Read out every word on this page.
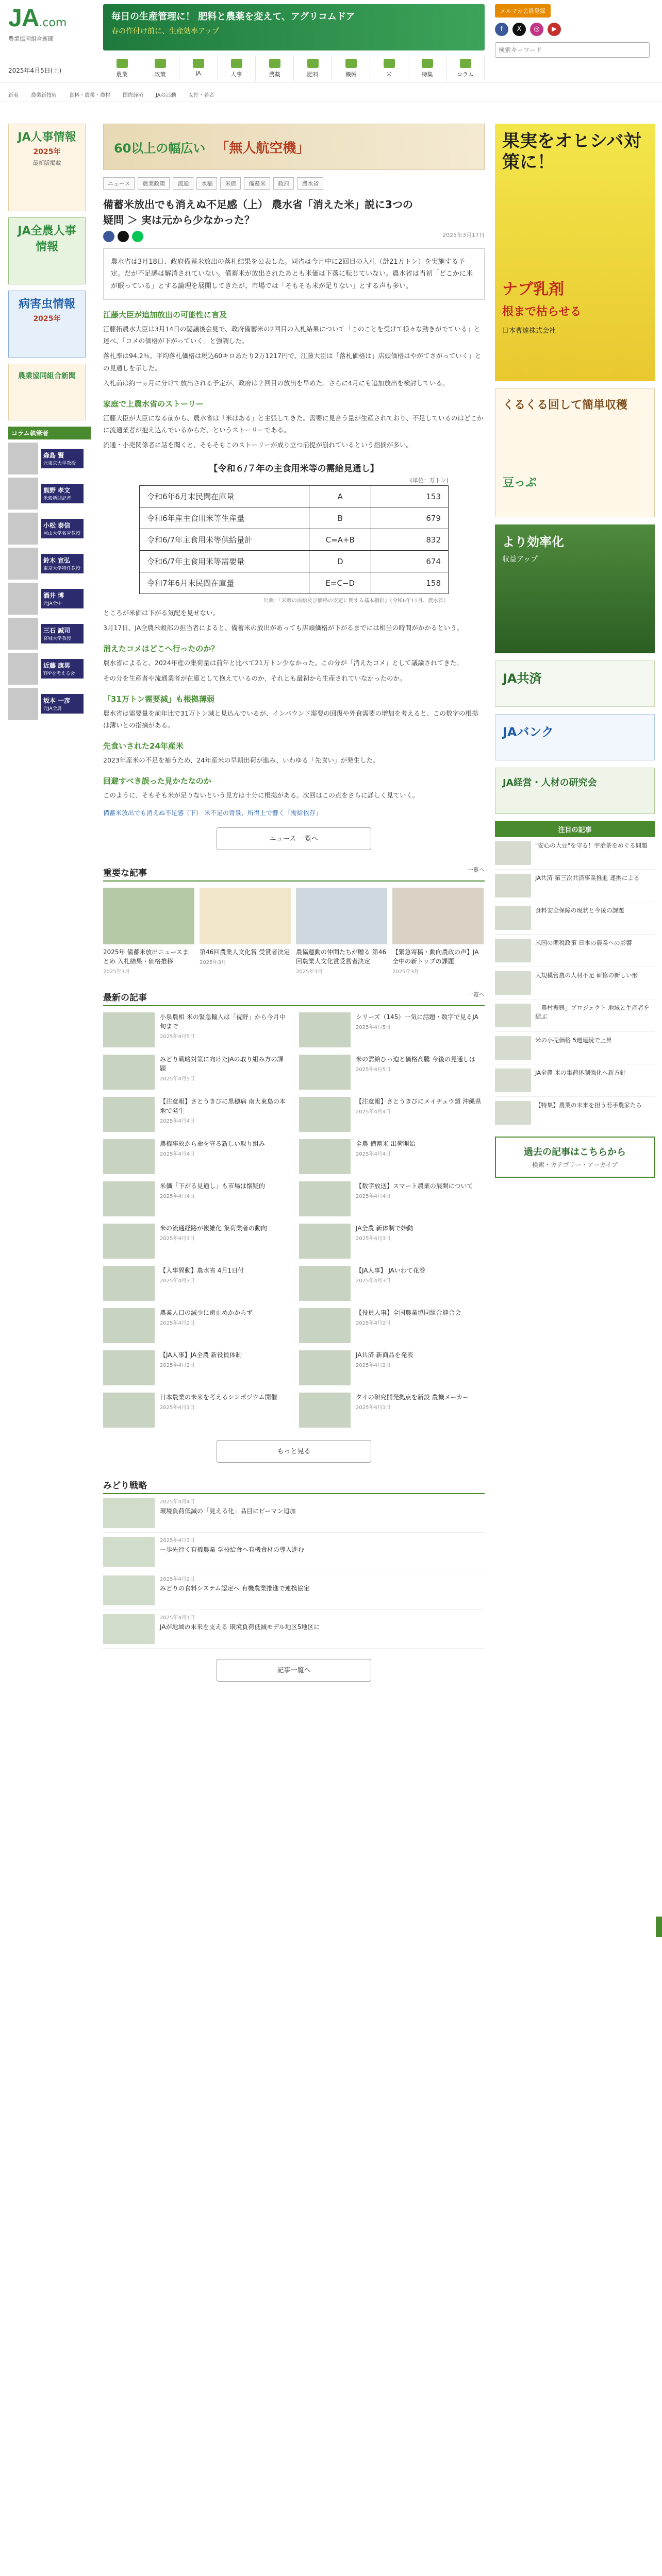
JA.com
農業協同組合新聞
2025年4月5日(土)
毎日の生産管理に！ 肥料と農薬を変えて、アグリコムドア
春の作付け前に、生産効率アップ
農業	政策	JA	人事	農薬	肥料	機械	米	特集	コラム
メルマガ会員登録
f	X	◎	▶
検索キーワード
新着 農業新技術 食料・農業・農村 国際経済 JAの活動 女性・若者
JA人事情報
2025年
最新版掲載
JA全農人事情報
病害虫情報
2025年
農業協同組合新聞
コラム執筆者
森島 賢
元東京大学教授
熊野 孝文
米穀新聞記者
小松 泰信
岡山大学名誉教授
鈴木 宣弘
東京大学特任教授
酒井 博
元JA全中
三石 誠司
宮城大学教授
近藤 康男
TPPを考える会
坂本 一彦
元JA全農
60以上の幅広い 「無人航空機」
ニュース	農業政策	流通	水稲	米価	備蓄米	政府	農水省
備蓄米放出でも消えぬ不足感（上） 農水省「消えた米」説に3つの疑問 ＞ 実は元から少なかった？
2025年3月17日
農水省は3月18日、政府備蓄米放出の落札結果を公表した。同省は今月中に2回目の入札（計21万トン）を実施する予定。だが不足感は解消されていない。備蓄米が放出されたあとも米価は下落に転じていない。農水省は当初「どこかに米が眠っている」とする論理を展開してきたが、市場では「そもそも米が足りない」とする声も多い。
江藤大臣が追加放出の可能性に言及

江藤拓農水大臣は3月14日の閣議後会見で、政府備蓄米の2回目の入札結果について「このことを受けて様々な動きがでている」と述べ、「コメの価格が下がっていく」と強調した。

落札率は94.2％。平均落札価格は税込60キロあたり2万1217円で、江藤大臣は「落札価格は」店頭価格はやがてさがっていく」との見通しを示した。

入札前は約一ヵ月に分けて放出される予定が、政府は２回目の放出を早めた。さらに4月にも追加放出を検討している。

家庭で上農水省のストーリー

江藤大臣が大臣になる前から、農水省は「米はある」と主張してきた。需要に見合う量が生産されており、不足しているのはどこかに流通業者が抱え込んでいるからだ、というストーリーである。

流通・小売関係者に話を聞くと、そもそもこのストーリーが成り立つ前提が崩れているという指摘が多い。

【令和６/７年の主食用米等の需給見通し】
(単位：万トン)
令和6年6月末民間在庫量	A	153
令和6年産主食用米等生産量	B	679
令和6/7年主食用米等供給量計	C=A+B	832
令和6/7年主食用米等需要量	D	674
令和7年6月末民間在庫量	E=C−D	158
出典：「米穀の需給及び価格の安定に関する基本指針」（令和6年11月、農水省）

ところが米価は下がる気配を見せない。

3月17日、JA全農米穀部の担当者によると、備蓄米の放出があっても店頭価格が下がるまでには相当の時間がかかるという。

消えたコメはどこへ行ったのか？

農水省によると、2024年産の集荷量は前年と比べて21万トン少なかった。この分が「消えたコメ」として議論されてきた。

その分を生産者や流通業者が在庫として抱えているのか、それとも最初から生産されていなかったのか。

「31万トン需要減」も根拠薄弱

農水省は需要量を前年比で31万トン減と見込んでいるが、インバウンド需要の回復や外食需要の増加を考えると、この数字の根拠は薄いとの指摘がある。

先食いされた24年産米

2023年産米の不足を補うため、24年産米の早期出荷が進み、いわゆる「先食い」が発生した。

回避すべき誤った見かたなのか

このように、そもそも米が足りないという見方は十分に根拠がある。次回はこの点をさらに詳しく見ていく。

備蓄米放出でも消えぬ不足感（下） 米不足の背景、所得上で響く「需給依存」
ニュース 一覧へ
重要な記事	一覧へ
2025年 備蓄米放出ニュースまとめ 入札結果・価格推移
2025年3月
第46回農業人文化賞 受賞者決定
2025年3月
農協運動の仲間たちが贈る 第46回農業人文化賞受賞者決定
2025年3月
【緊急寄稿・動向農政の声】JA全中の新トップの課題
2025年3月
最新の記事	一覧へ
小泉農相 米の緊急輸入は「視野」から今月中旬まで
2025年4月5日
シリーズ（145）一気に話題・数字で見るJA
2025年4月5日
みどり戦略対策に向けたJAの取り組み方の課題
2025年4月5日
米の需給ひっ迫と価格高騰 今後の見通しは
2025年4月5日
【注意報】さとうきびに黒穂病 南大東島の本地で発生
2025年4月4日
【注意報】さとうきびにメイチュウ類 沖縄県
2025年4月4日
農機事故から命を守る新しい取り組み
2025年4月4日
全農 備蓄米 出荷開始
2025年4月4日
米価「下がる見通し」も市場は懐疑的
2025年4月4日
【数字放送】スマート農業の展開について
2025年4月4日
米の流通経路が複雑化 集荷業者の動向
2025年4月3日
JA全農 新体制で始動
2025年4月3日
【人事異動】農水省 4月1日付
2025年4月3日
【JA人事】 JAいわて花巻
2025年4月3日
農業人口の減少に歯止めかからず
2025年4月2日
【役員人事】全国農業協同組合連合会
2025年4月2日
【JA人事】JA全農 新役員体制
2025年4月2日
JA共済 新商品を発表
2025年4月2日
日本農業の未来を考えるシンポジウム開催
2025年4月1日
タイの研究開発拠点を新設 農機メーカー
2025年4月1日
もっと見る
みどり戦略
2025年4月4日
環境負荷低減の「見える化」品目にビーマン追加
2025年4月3日
一歩先行く有機農業 学校給食へ有機食材の導入進む
2025年4月2日
みどりの食料システム認定へ 有機農業推進で連携協定
2025年4月1日
JAが地域の未来を支える 環境負荷低減モデル地区5地区に
記事一覧へ
果実をオヒシバ対策に！
ナブ乳剤
根まで枯らせる
日本曹達株式会社
くるくる回して簡単収穫
豆っぷ
より効率化
収益アップ
JA共済
JAバンク
JA経営・人材の研究会
注目の記事
"安心の大豆"を守る！宇治茶をめぐる問題
JA共済 第三次共済事業推進 連携による
食料安全保障の現状と今後の課題
米国の関税政策 日本の農業への影響
大規模営農の人材不足 研修の新しい形
「農村振興」プロジェクト 地域と生産者を結ぶ
米の小売価格 5週連続で上昇
JA全農 米の集荷体制強化へ新方針
【特集】農業の未来を担う若手農家たち
過去の記事はこちらから
検索・カテゴリー・アーカイブ
